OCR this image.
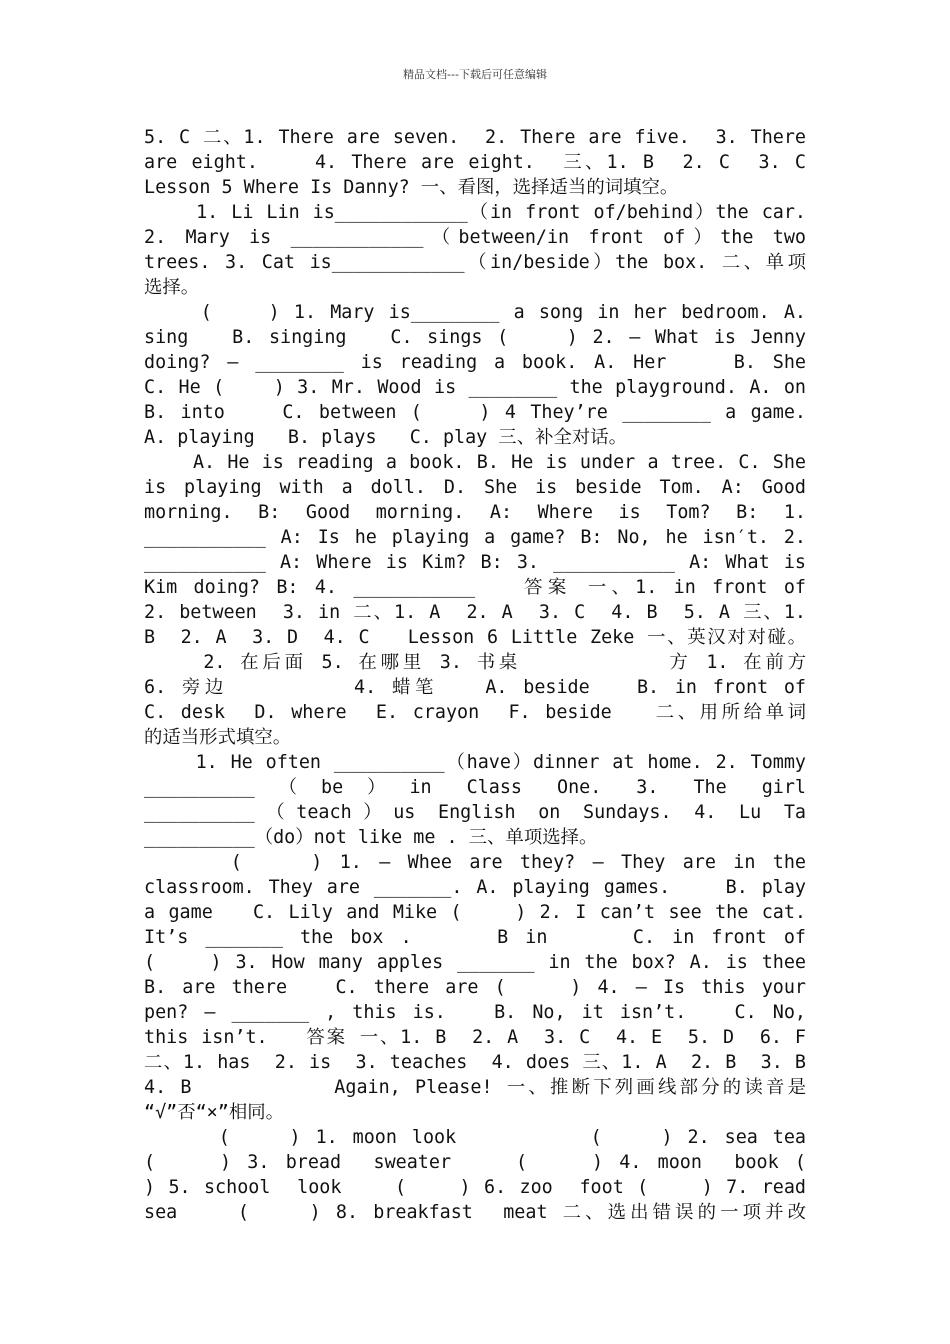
精品文档---下载后可任意编辑
5. C 二、1. There are seven.  2. There are five.  3. There
are eight.    4. There are eight.  三、1. B  2. C  3. C
Lesson 5 Where Is Danny? 一、看图，选择适当的词填空。
1. Li Lin is____________（in front of/behind）the car.
2. Mary is ____________（between/in front of）the two
trees. 3. Cat is____________（in/beside）the box. 二、单项
选择。
(    ) 1. Mary is________ a song in her bedroom. A.
sing   B. singing   C. sings (    ) 2. — What is Jenny
doing? — ________ is reading a book. A. Her    B. She
C. He (    ) 3. Mr. Wood is ________ the playground. A. on
B. into    C. between (    ) 4 They’re ________ a game.
A. playing   B. plays   C. play 三、补全对话。
A. He is reading a book. B. He is under a tree. C. She
is playing with a doll. D. She is beside Tom. A: Good
morning. B: Good morning. A: Where is Tom? B: 1.
___________ A: Is he playing a game? B: No, he isn′t. 2.
___________ A: Where is Kim? B: 3. ___________ A: What is
Kim doing? B: 4. ___________   答案 一、1. in front of
2. between  3. in 二、1. A  2. A  3. C  4. B  5. A 三、1.
B  2. A  3. D  4. C   Lesson 6 Little Zeke 一、英汉对对碰。
2. 在后面 5. 在哪里 3. 书桌          方 1. 在前方
6. 旁边        4. 蜡笔   A. beside   B. in front of
C. desk  D. where  E. crayon  F. beside   二、用所给单词
的适当形式填空。
1. He often __________（have）dinner at home. 2. Tommy
__________（be）in Class One. 3. The girl
__________（teach）us English on Sundays. 4. Lu Ta
__________（do）not like me . 三、单项选择。
(    ) 1. — Whee are they? — They are in the
classroom. They are _______. A. playing games.    B. play
a game   C. Lily and Mike (    ) 2. I can’t see the cat.
It’s _______ the box .     B in     C. in front of
(    ) 3. How many apples _______ in the box? A. is thee
B. are there   C. there are (    ) 4. — Is this your
pen? — _______ , this is.   B. No, it isn’t.   C. No,
this isn’t.   答案 一、1. B  2. A  3. C  4. E  5. D  6. F
二、1. has  2. is  3. teaches  4. does 三、1. A  2. B  3. B
4. B          Again, Please! 一、推断下列画线部分的读音是
“√”否“×”相同。
(    ) 1. moon look         (    ) 2. sea tea
(    ) 3. bread  sweater    (    ) 4. moon  book (
) 5. school  look    (    ) 6. zoo  foot (    ) 7. read
sea    (    ) 8. breakfast  meat 二、选出错误的一项并改
